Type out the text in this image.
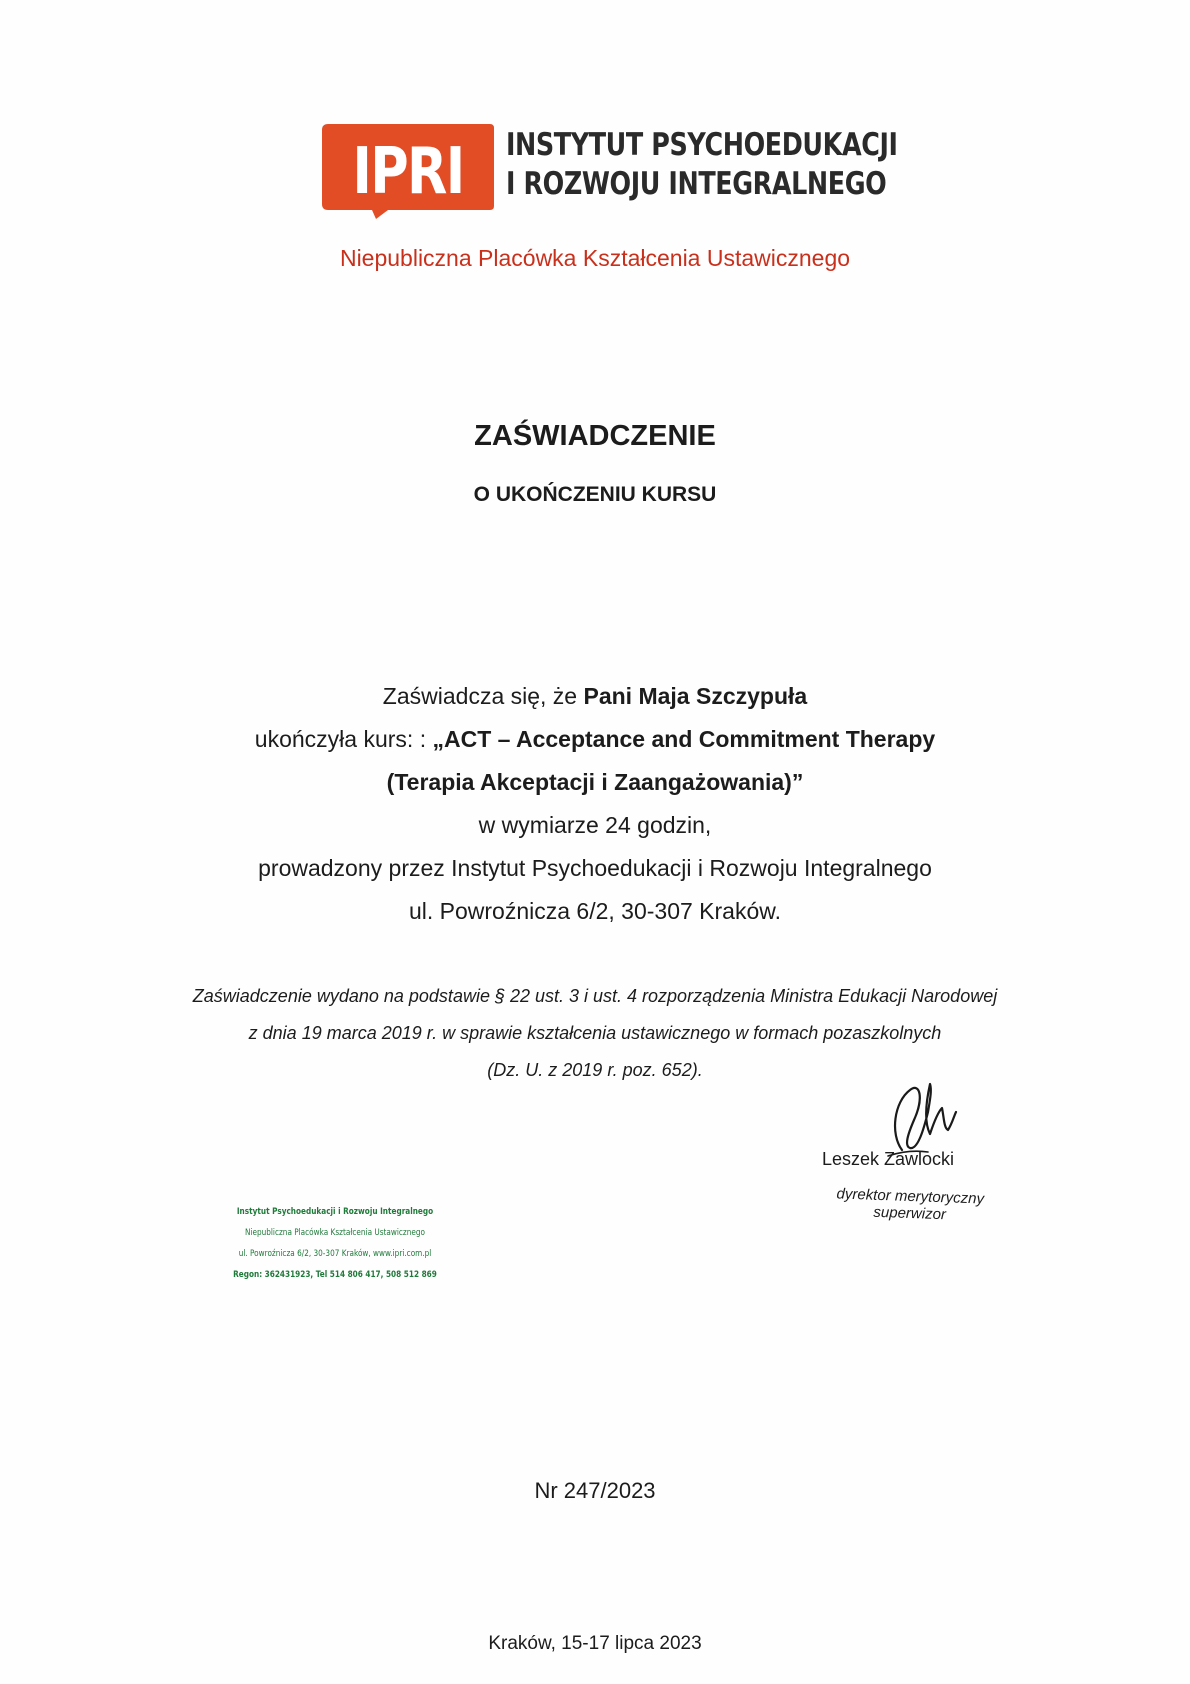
IPRI INSTYTUT PSYCHOEDUKACJI
I ROZWOJU INTEGRALNEGO
Niepubliczna Placówka Kształcenia Ustawicznego
ZAŚWIADCZENIE
O UKOŃCZENIU KURSU
Zaświadcza się, że Pani Maja Szczypuła
ukończyła kurs: : „ACT – Acceptance and Commitment Therapy
(Terapia Akceptacji i Zaangażowania)”
w wymiarze 24 godzin,
prowadzony przez Instytut Psychoedukacji i Rozwoju Integralnego
ul. Powroźnicza 6/2, 30-307 Kraków.
Zaświadczenie wydano na podstawie § 22 ust. 3 i ust. 4 rozporządzenia Ministra Edukacji Narodowej
z dnia 19 marca 2019 r. w sprawie kształcenia ustawicznego w formach pozaszkolnych
(Dz. U. z 2019 r. poz. 652).
Leszek Zawlocki
dyrektor merytoryczny
superwizor
Instytut Psychoedukacji i Rozwoju Integralnego
Niepubliczna Placówka Kształcenia Ustawicznego
ul. Powroźnicza 6/2, 30-307 Kraków, www.ipri.com.pl
Regon: 362431923, Tel 514 806 417, 508 512 869
Nr 247/2023
Kraków, 15-17 lipca 2023
